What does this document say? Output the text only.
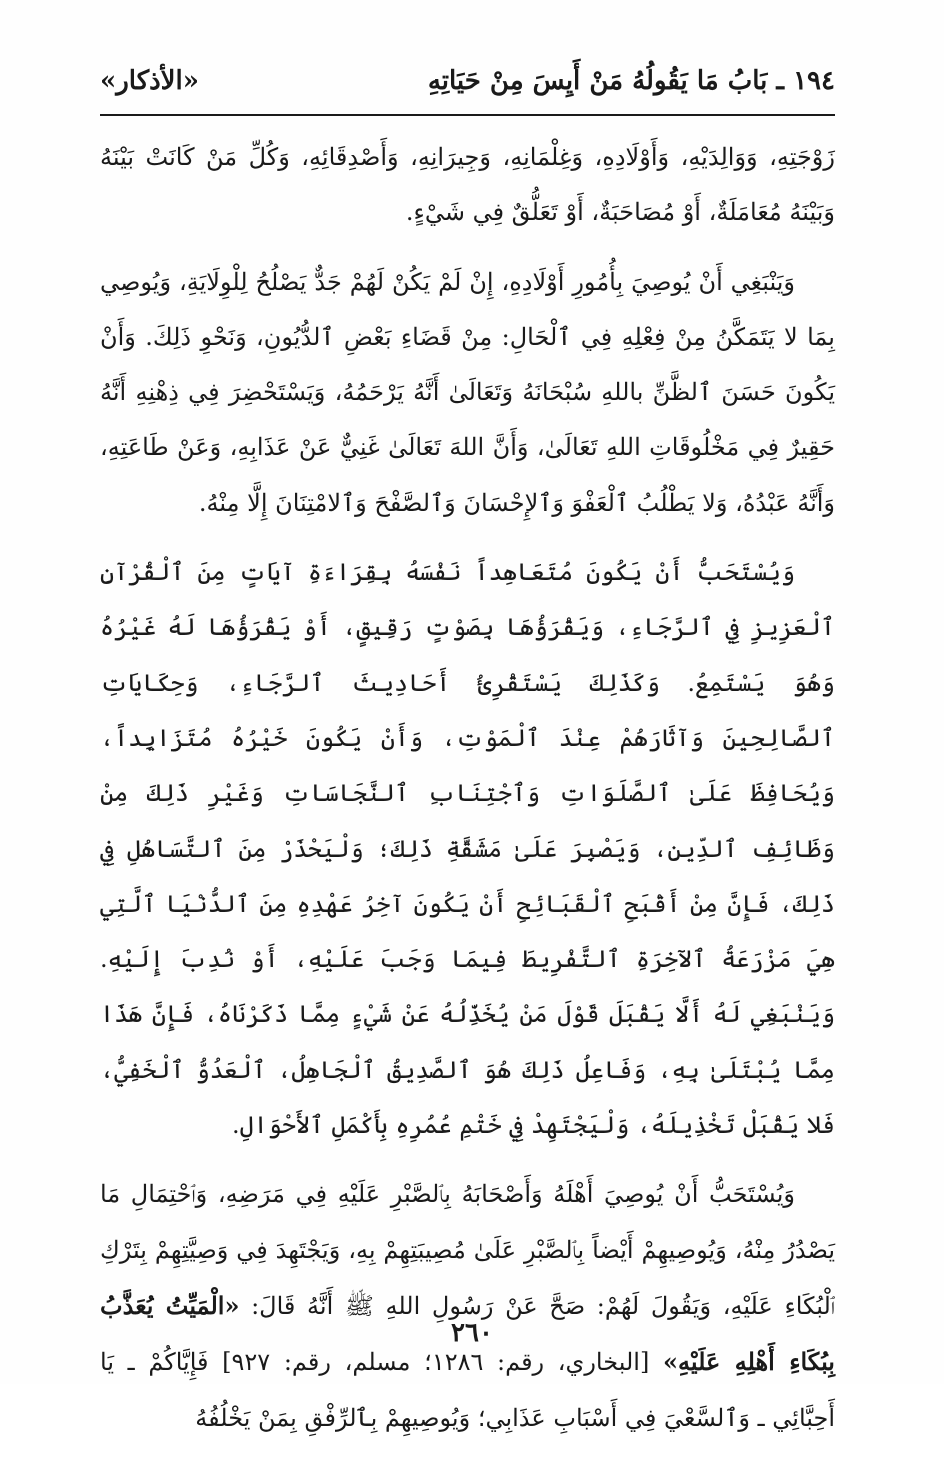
١٩٤ ـ بَابُ مَا يَقُولُهُ مَنْ أَيِسَ مِنْ حَيَاتِهِ
«الأذكار»

زَوْجَتِهِ، وَوَالِدَيْهِ، وَأَوْلَادِهِ، وَغِلْمَانِهِ، وَجِيرَانِهِ، وَأَصْدِقَائِهِ، وَكُلِّ مَنْ كَانَتْ بَيْنَهُ وَبَيْنَهُ مُعَامَلَةٌ، أَوْ مُصَاحَبَةٌ، أَوْ تَعَلُّقٌ فِي شَيْءٍ.

وَيَنْبَغِي أَنْ يُوصِيَ بِأُمُورِ أَوْلَادِهِ، إِنْ لَمْ يَكُنْ لَهُمْ جَدٌّ يَصْلُحُ لِلْوِلَايَةِ، وَيُوصِي بِمَا لا يَتَمَكَّنُ مِنْ فِعْلِهِ فِي ٱلْحَالِ: مِنْ قَضَاءِ بَعْضِ ٱلدُّيُونِ، وَنَحْوِ ذَلِكَ. وَأَنْ يَكُونَ حَسَنَ ٱلظَّنِّ باللهِ سُبْحَانَهُ وَتَعَالَىٰ أَنَّهُ يَرْحَمُهُ، وَيَسْتَحْضِرَ فِي ذِهْنِهِ أَنَّهُ حَقِيرٌ فِي مَخْلُوقَاتِ اللهِ تَعَالَىٰ، وَأَنَّ اللهَ تَعَالَىٰ غَنِيٌّ عَنْ عَذَابِهِ، وَعَنْ طَاعَتِهِ، وَأَنَّهُ عَبْدُهُ، وَلا يَطْلُبُ ٱلْعَفْوَ وَٱلإِحْسَانَ وَٱلصَّفْحَ وَٱلامْتِنَانَ إِلَّا مِنْهُ.

وَيُسْتَحَبُّ أَنْ يَكُونَ مُتَعَاهِداً نَفْسَهُ بِقِرَاءَةِ آيَاتٍ مِنَ ٱلْقُرْآنِ ٱلْعَزِيزِ فِي ٱلرَّجَاءِ، وَيَقْرَؤُهَا بِصَوْتٍ رَقِيقٍ، أَوْ يَقْرَؤُهَا لَهُ غَيْرُهُ وَهُوَ يَسْتَمِعُ. وَكَذَلِكَ يَسْتَقْرِئُ أَحَادِيثَ ٱلرَّجَاءِ، وَحِكَايَاتِ ٱلصَّالِحِينَ وَآثَارَهُمْ عِنْدَ ٱلْمَوْتِ، وَأَنْ يَكُونَ خَيْرُهُ مُتَزَايِداً، وَيُحَافِظَ عَلَىٰ ٱلصَّلَوَاتِ وَٱجْتِنَابِ ٱلنَّجَاسَاتِ وَغَيْرِ ذَلِكَ مِنْ وَظَائِفِ ٱلدِّينِ، وَيَصْبِرَ عَلَىٰ مَشَقَّةِ ذَلِكَ؛ وَلْيَحْذَرْ مِنَ ٱلتَّسَاهُلِ فِي ذَلِكَ، فَإِنَّ مِنْ أَقْبَحِ ٱلْقَبَائِحِ أَنْ يَكُونَ آخِرُ عَهْدِهِ مِنَ ٱلدُّنْيَا ٱلَّتِي هِيَ مَزْرَعَةُ ٱلآخِرَةِ ٱلتَّفْرِيطَ فِيمَا وَجَبَ عَلَيْهِ، أَوْ نُدِبَ إِلَيْهِ. وَيَنْبَغِي لَهُ أَلَّا يَقْبَلَ قَوْلَ مَنْ يُخَذِّلُهُ عَنْ شَيْءٍ مِمَّا ذَكَرْنَاهُ، فَإِنَّ هَذَا مِمَّا يُبْتَلَىٰ بِهِ، وَفَاعِلُ ذَلِكَ هُوَ ٱلصَّدِيقُ ٱلْجَاهِلُ، ٱلْعَدُوُّ ٱلْخَفِيُّ، فَلا يَقْبَلْ تَخْذِيلَهُ، وَلْيَجْتَهِدْ فِي خَتْمِ عُمُرِهِ بِأَكْمَلِ ٱلأَحْوَالِ.

وَيُسْتَحَبُّ أَنْ يُوصِيَ أَهْلَهُ وَأَصْحَابَهُ بِٱلصَّبْرِ عَلَيْهِ فِي مَرَضِهِ، وَٱحْتِمَالِ مَا يَصْدُرُ مِنْهُ، وَيُوصِيهِمْ أَيْضاً بِٱلصَّبْرِ عَلَىٰ مُصِيبَتِهِمْ بِهِ، وَيَجْتَهِدَ فِي وَصِيَّتِهِمْ بِتَرْكِ ٱلْبُكَاءِ عَلَيْهِ، وَيَقُولَ لَهُمْ: صَحَّ عَنْ رَسُولِ اللهِ ﷺ أَنَّهُ قَالَ: «الْمَيِّتُ يُعَذَّبُ بِبُكَاءِ أَهْلِهِ عَلَيْهِ» [البخاري، رقم: ١٢٨٦؛ مسلم، رقم: ٩٢٧] فَإِيَّاكُمْ ـ يَا أَحِبَّائِي ـ وَٱلسَّعْيَ فِي أَسْبَابِ عَذَابِي؛ وَيُوصِيهِمْ بِٱلرِّفْقِ بِمَنْ يَخْلُفُهُ

٢٦٠
